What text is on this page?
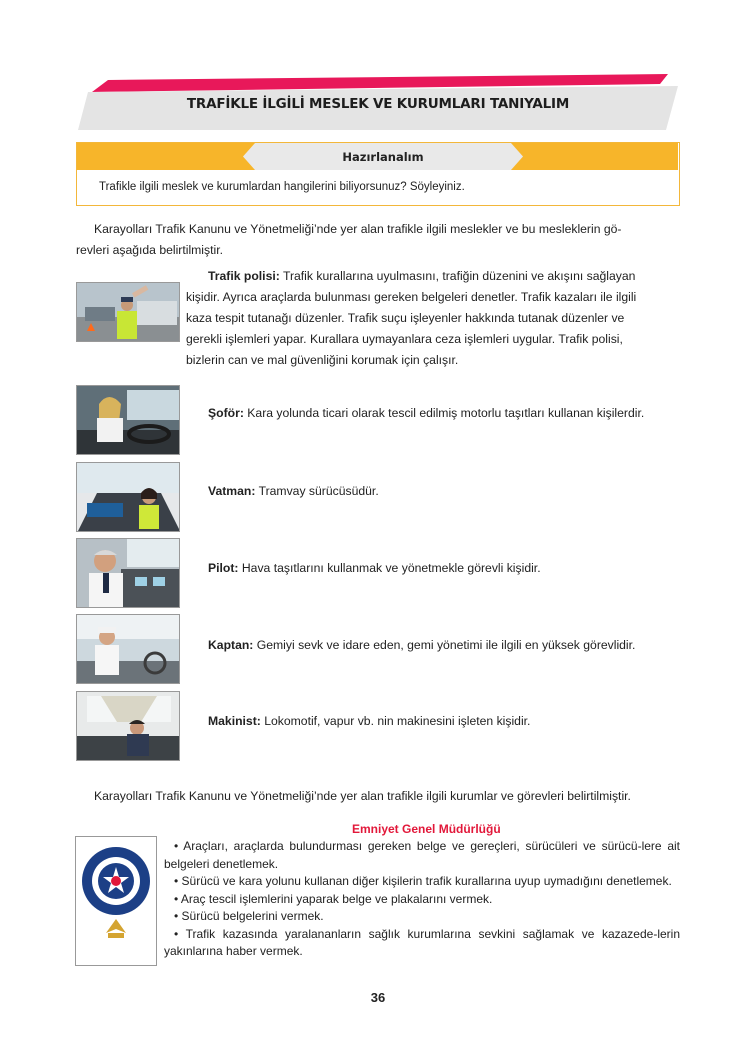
TRAFİKLE İLGİLİ MESLEK VE KURUMLARI TANIYALIM
Hazırlanalım
Trafikle ilgili meslek ve kurumlardan hangilerini biliyorsunuz? Söyleyiniz.
Karayolları Trafik Kanunu ve Yönetmeliği’nde yer alan trafikle ilgili meslekler ve bu mesleklerin gö-
revleri aşağıda belirtilmiştir.
Trafik polisi: Trafik kurallarına uyulmasını, trafiğin düzenini ve akışını sağlayan
kişidir. Ayrıca araçlarda bulunması gereken belgeleri denetler. Trafik kazaları ile ilgili
kaza tespit tutanağı düzenler. Trafik suçu işleyenler hakkında tutanak düzenler ve
gerekli işlemleri yapar. Kurallara uymayanlara ceza işlemleri uygular. Trafik polisi,
bizlerin can ve mal güvenliğini korumak için çalışır.
Şoför: Kara yolunda ticari olarak tescil edilmiş motorlu taşıtları kullanan kişilerdir.
Vatman: Tramvay sürücüsüdür.
Pilot: Hava taşıtlarını kullanmak ve yönetmekle görevli kişidir.
Kaptan: Gemiyi sevk ve idare eden, gemi yönetimi ile ilgili en yüksek görevlidir.
Makinist: Lokomotif, vapur vb. nin makinesini işleten kişidir.
Karayolları Trafik Kanunu ve Yönetmeliği’nde yer alan trafikle ilgili kurumlar ve görevleri belirtilmiştir.
Emniyet Genel Müdürlüğü

• Araçları, araçlarda bulundurması gereken belge ve gereçleri, sürücüleri ve sürücü-lere ait belgeleri denetlemek.

• Sürücü ve kara yolunu kullanan diğer kişilerin trafik kurallarına uyup uymadığını denetlemek.

• Araç tescil işlemlerini yaparak belge ve plakalarını vermek.

• Sürücü belgelerini vermek.

• Trafik kazasında yaralananların sağlık kurumlarına sevkini sağlamak ve kazazede-lerin yakınlarına haber vermek.

36
